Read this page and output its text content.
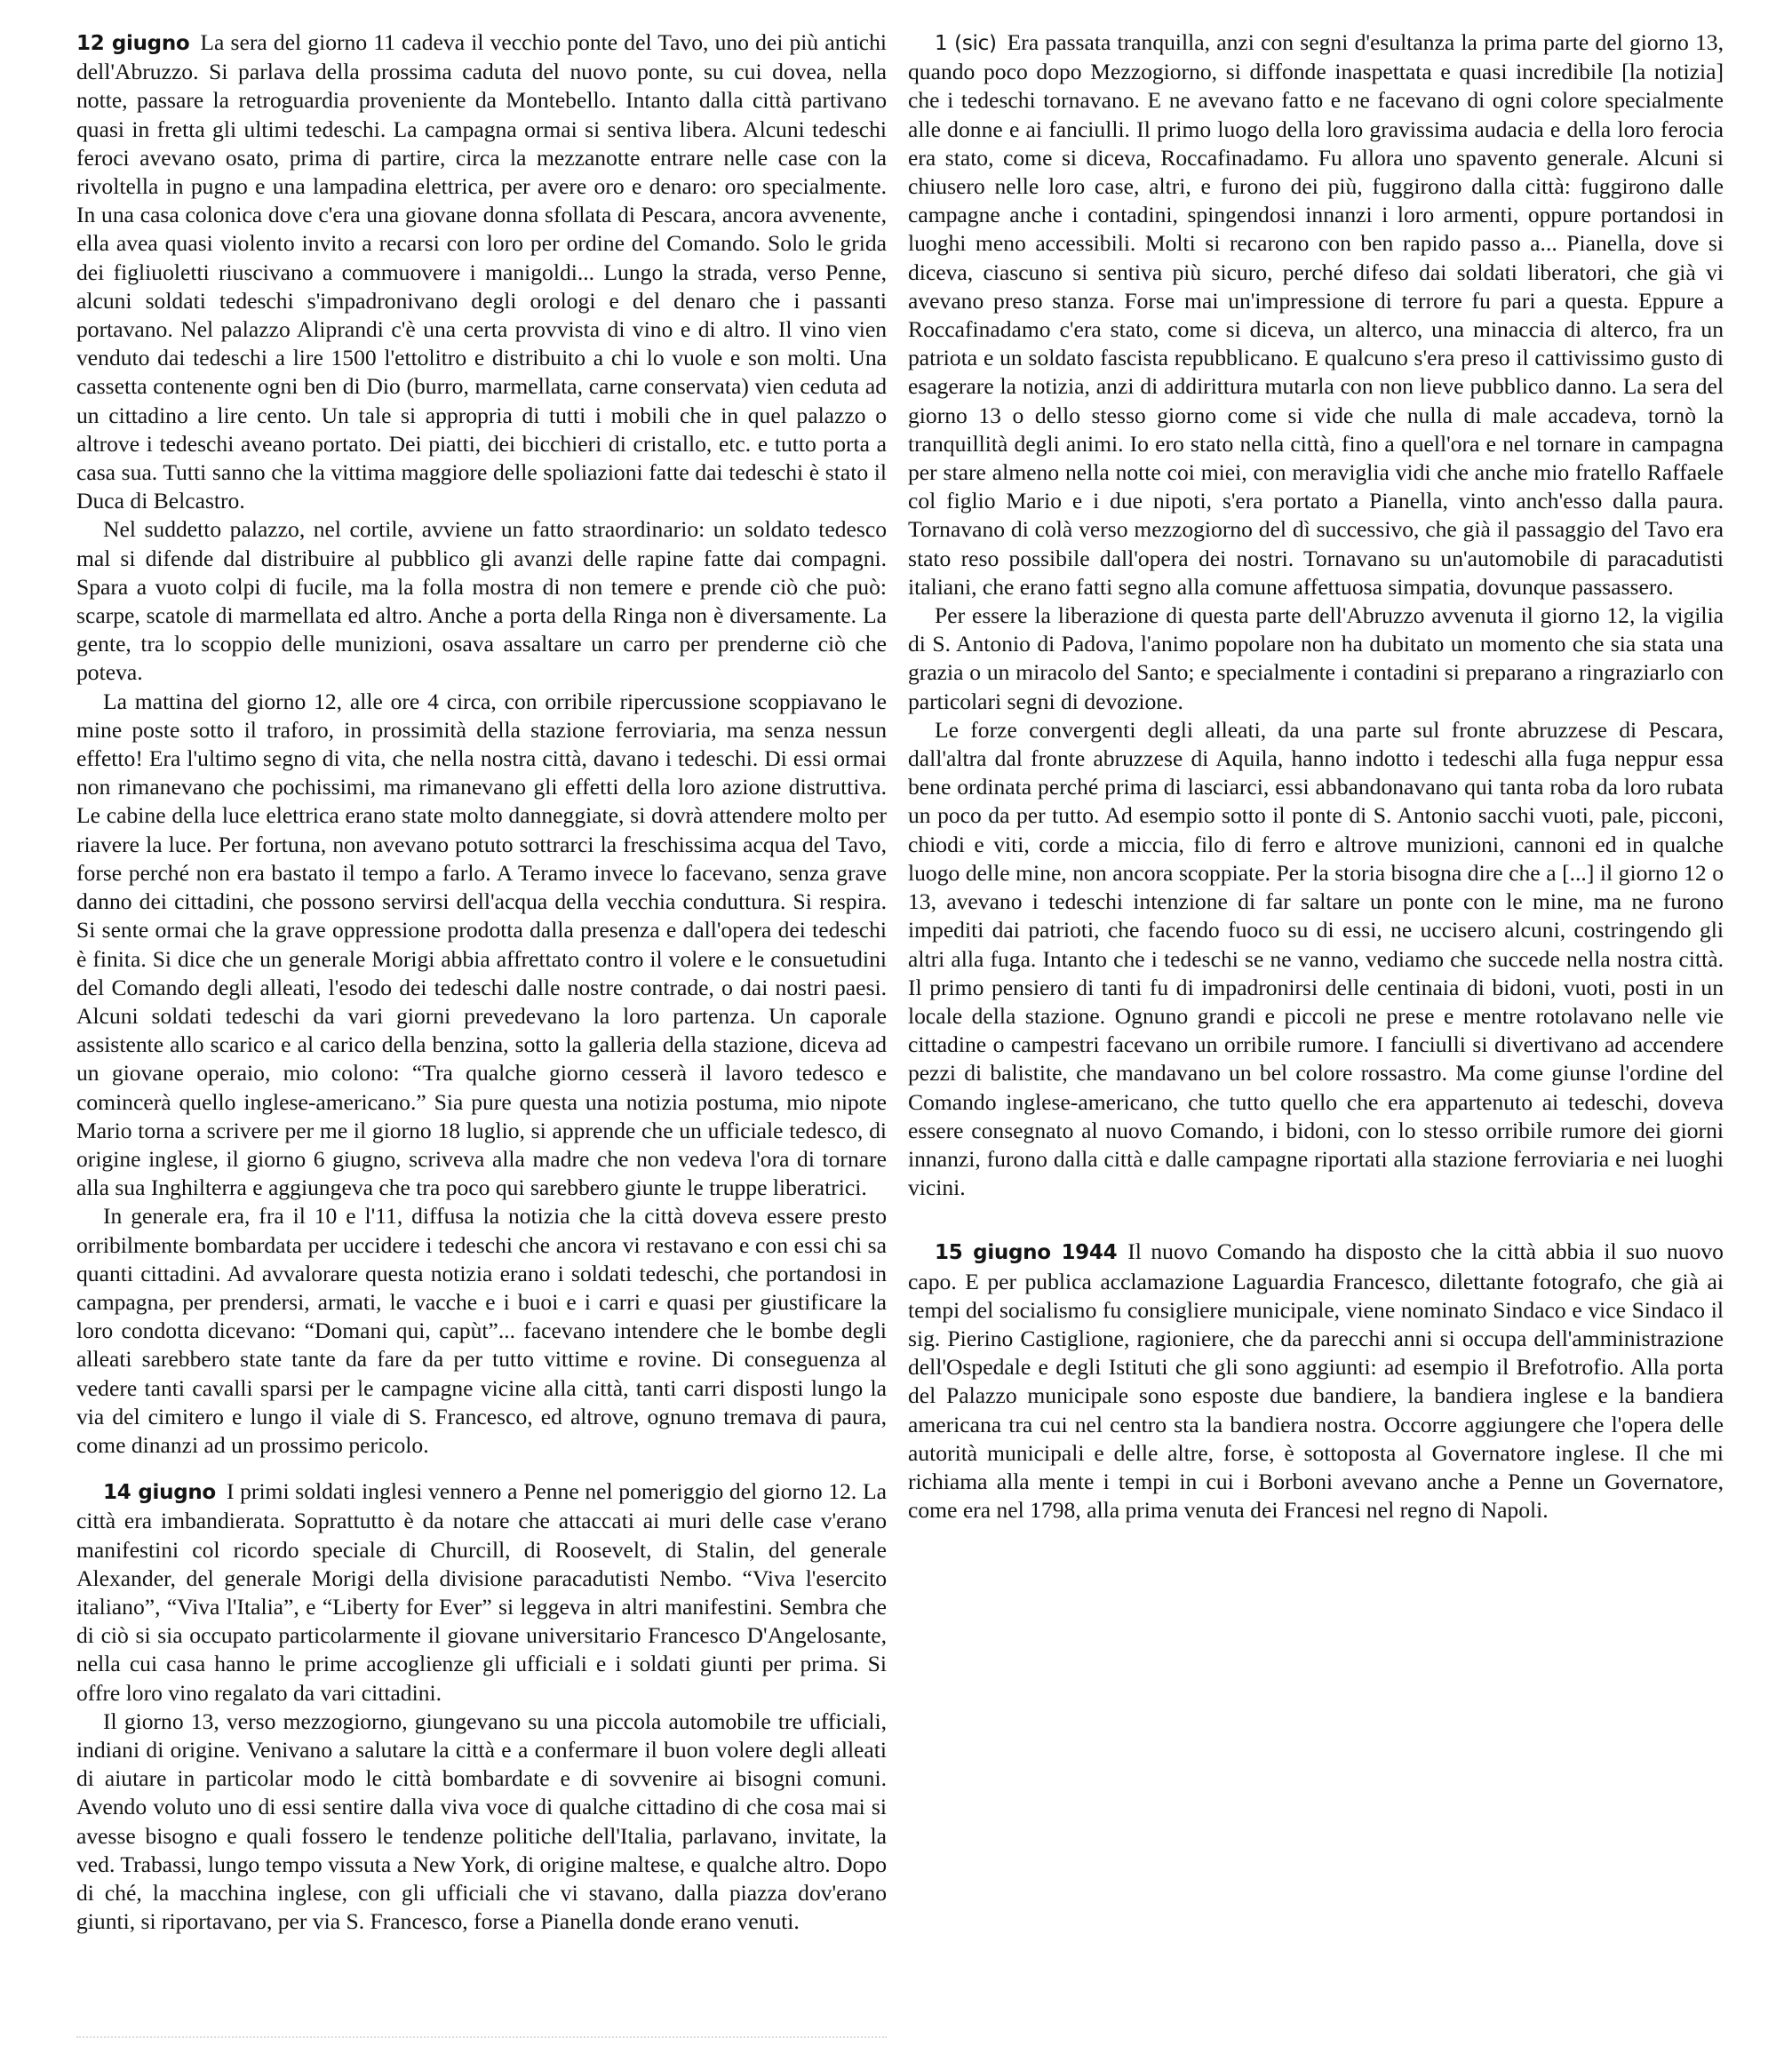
12 giugno La sera del giorno 11 cadeva il vecchio ponte del Tavo, uno dei più antichi dell'Abruzzo. Si parlava della prossima caduta del nuovo ponte, su cui dovea, nella notte, passare la retroguardia proveniente da Montebello. Intanto dalla città partivano quasi in fretta gli ultimi tedeschi. La campagna ormai si sentiva libera. Alcuni tedeschi feroci avevano osato, prima di partire, circa la mezzanotte entrare nelle case con la rivoltella in pugno e una lampadina elettrica, per avere oro e denaro: oro specialmente. In una casa colonica dove c'era una giovane donna sfollata di Pescara, ancora avvenente, ella avea quasi violento invito a recarsi con loro per ordine del Comando. Solo le grida dei figliuoletti riuscivano a commuovere i manigoldi... Lungo la strada, verso Penne, alcuni soldati tedeschi s'impadronivano degli orologi e del denaro che i passanti portavano. Nel palazzo Aliprandi c'è una certa provvista di vino e di altro. Il vino vien venduto dai tedeschi a lire 1500 l'ettolitro e distribuito a chi lo vuole e son molti. Una cassetta contenente ogni ben di Dio (burro, marmellata, carne conservata) vien ceduta ad un cittadino a lire cento. Un tale si appropria di tutti i mobili che in quel palazzo o altrove i tedeschi aveano portato. Dei piatti, dei bicchieri di cristallo, etc. e tutto porta a casa sua. Tutti sanno che la vittima maggiore delle spoliazioni fatte dai tedeschi è stato il Duca di Belcastro.

Nel suddetto palazzo, nel cortile, avviene un fatto straordinario: un soldato tedesco mal si difende dal distribuire al pubblico gli avanzi delle rapine fatte dai compagni. Spara a vuoto colpi di fucile, ma la folla mostra di non temere e prende ciò che può: scarpe, scatole di marmellata ed altro. Anche a porta della Ringa non è diversamente. La gente, tra lo scoppio delle munizioni, osava assaltare un carro per prenderne ciò che poteva.

La mattina del giorno 12, alle ore 4 circa, con orribile ripercussione scoppiavano le mine poste sotto il traforo, in prossimità della stazione ferroviaria, ma senza nessun effetto! Era l'ultimo segno di vita, che nella nostra città, davano i tedeschi. Di essi ormai non rimanevano che pochissimi, ma rimanevano gli effetti della loro azione distruttiva. Le cabine della luce elettrica erano state molto danneggiate, si dovrà attendere molto per riavere la luce. Per fortuna, non avevano potuto sottrarci la freschissima acqua del Tavo, forse perché non era bastato il tempo a farlo. A Teramo invece lo facevano, senza grave danno dei cittadini, che possono servirsi dell'acqua della vecchia conduttura. Si respira. Si sente ormai che la grave oppressione prodotta dalla presenza e dall'opera dei tedeschi è finita. Si dice che un generale Morigi abbia affrettato contro il volere e le consuetudini del Comando degli alleati, l'esodo dei tedeschi dalle nostre contrade, o dai nostri paesi. Alcuni soldati tedeschi da vari giorni prevedevano la loro partenza. Un caporale assistente allo scarico e al carico della benzina, sotto la galleria della stazione, diceva ad un giovane operaio, mio colono: “Tra qualche giorno cesserà il lavoro tedesco e comincerà quello inglese-americano.” Sia pure questa una notizia postuma, mio nipote Mario torna a scrivere per me il giorno 18 luglio, si apprende che un ufficiale tedesco, di origine inglese, il giorno 6 giugno, scriveva alla madre che non vedeva l'ora di tornare alla sua Inghilterra e aggiungeva che tra poco qui sarebbero giunte le truppe liberatrici.

In generale era, fra il 10 e l'11, diffusa la notizia che la città doveva essere presto orribilmente bombardata per uccidere i tedeschi che ancora vi restavano e con essi chi sa quanti cittadini. Ad avvalorare questa notizia erano i soldati tedeschi, che portandosi in campagna, per prendersi, armati, le vacche e i buoi e i carri e quasi per giustificare la loro condotta dicevano: “Domani qui, capùt”... facevano intendere che le bombe degli alleati sarebbero state tante da fare da per tutto vittime e rovine. Di conseguenza al vedere tanti cavalli sparsi per le campagne vicine alla città, tanti carri disposti lungo la via del cimitero e lungo il viale di S. Francesco, ed altrove, ognuno tremava di paura, come dinanzi ad un prossimo pericolo.

14 giugno I primi soldati inglesi vennero a Penne nel pomeriggio del giorno 12. La città era imbandierata. Soprattutto è da notare che attaccati ai muri delle case v'erano manifestini col ricordo speciale di Churcill, di Roosevelt, di Stalin, del generale Alexander, del generale Morigi della divisione paracadutisti Nembo. “Viva l'esercito italiano”, “Viva l'Italia”, e “Liberty for Ever” si leggeva in altri manifestini. Sembra che di ciò si sia occupato particolarmente il giovane universitario Francesco D'Angelosante, nella cui casa hanno le prime accoglienze gli ufficiali e i soldati giunti per prima. Si offre loro vino regalato da vari cittadini.

Il giorno 13, verso mezzogiorno, giungevano su una piccola automobile tre ufficiali, indiani di origine. Venivano a salutare la città e a confermare il buon volere degli alleati di aiutare in particolar modo le città bombardate e di sovvenire ai bisogni comuni. Avendo voluto uno di essi sentire dalla viva voce di qualche cittadino di che cosa mai si avesse bisogno e quali fossero le tendenze politiche dell'Italia, parlavano, invitate, la ved. Trabassi, lungo tempo vissuta a New York, di origine maltese, e qualche altro. Dopo di ché, la macchina inglese, con gli ufficiali che vi stavano, dalla piazza dov'erano giunti, si riportavano, per via S. Francesco, forse a Pianella donde erano venuti.

1 (sic) Era passata tranquilla, anzi con segni d'esultanza la prima parte del giorno 13, quando poco dopo Mezzogiorno, si diffonde inaspettata e quasi incredibile [la notizia] che i tedeschi tornavano. E ne avevano fatto e ne facevano di ogni colore specialmente alle donne e ai fanciulli. Il primo luogo della loro gravissima audacia e della loro ferocia era stato, come si diceva, Roccafinadamo. Fu allora uno spavento generale. Alcuni si chiusero nelle loro case, altri, e furono dei più, fuggirono dalla città: fuggirono dalle campagne anche i contadini, spingendosi innanzi i loro armenti, oppure portandosi in luoghi meno accessibili. Molti si recarono con ben rapido passo a... Pianella, dove si diceva, ciascuno si sentiva più sicuro, perché difeso dai soldati liberatori, che già vi avevano preso stanza. Forse mai un'impressione di terrore fu pari a questa. Eppure a Roccafinadamo c'era stato, come si diceva, un alterco, una minaccia di alterco, fra un patriota e un soldato fascista repubblicano. E qualcuno s'era preso il cattivissimo gusto di esagerare la notizia, anzi di addirittura mutarla con non lieve pubblico danno. La sera del giorno 13 o dello stesso giorno come si vide che nulla di male accadeva, tornò la tranquillità degli animi. Io ero stato nella città, fino a quell'ora e nel tornare in campagna per stare almeno nella notte coi miei, con meraviglia vidi che anche mio fratello Raffaele col figlio Mario e i due nipoti, s'era portato a Pianella, vinto anch'esso dalla paura. Tornavano di colà verso mezzogiorno del dì successivo, che già il passaggio del Tavo era stato reso possibile dall'opera dei nostri. Tornavano su un'automobile di paracadutisti italiani, che erano fatti segno alla comune affettuosa simpatia, dovunque passassero.

Per essere la liberazione di questa parte dell'Abruzzo avvenuta il giorno 12, la vigilia di S. Antonio di Padova, l'animo popolare non ha dubitato un momento che sia stata una grazia o un miracolo del Santo; e specialmente i contadini si preparano a ringraziarlo con particolari segni di devozione.

Le forze convergenti degli alleati, da una parte sul fronte abruzzese di Pescara, dall'altra dal fronte abruzzese di Aquila, hanno indotto i tedeschi alla fuga neppur essa bene ordinata perché prima di lasciarci, essi abbandonavano qui tanta roba da loro rubata un poco da per tutto. Ad esempio sotto il ponte di S. Antonio sacchi vuoti, pale, picconi, chiodi e viti, corde a miccia, filo di ferro e altrove munizioni, cannoni ed in qualche luogo delle mine, non ancora scoppiate. Per la storia bisogna dire che a [...] il giorno 12 o 13, avevano i tedeschi intenzione di far saltare un ponte con le mine, ma ne furono impediti dai patrioti, che facendo fuoco su di essi, ne uccisero alcuni, costringendo gli altri alla fuga. Intanto che i tedeschi se ne vanno, vediamo che succede nella nostra città. Il primo pensiero di tanti fu di impadronirsi delle centinaia di bidoni, vuoti, posti in un locale della stazione. Ognuno grandi e piccoli ne prese e mentre rotolavano nelle vie cittadine o campestri facevano un orribile rumore. I fanciulli si divertivano ad accendere pezzi di balistite, che mandavano un bel colore rossastro. Ma come giunse l'ordine del Comando inglese-americano, che tutto quello che era appartenuto ai tedeschi, doveva essere consegnato al nuovo Comando, i bidoni, con lo stesso orribile rumore dei giorni innanzi, furono dalla città e dalle campagne riportati alla stazione ferroviaria e nei luoghi vicini.

15 giugno 1944 Il nuovo Comando ha disposto che la città abbia il suo nuovo capo. E per publica acclamazione Laguardia Francesco, dilettante fotografo, che già ai tempi del socialismo fu consigliere municipale, viene nominato Sindaco e vice Sindaco il sig. Pierino Castiglione, ragioniere, che da parecchi anni si occupa dell'amministrazione dell'Ospedale e degli Istituti che gli sono aggiunti: ad esempio il Brefotrofio. Alla porta del Palazzo municipale sono esposte due bandiere, la bandiera inglese e la bandiera americana tra cui nel centro sta la bandiera nostra. Occorre aggiungere che l'opera delle autorità municipali e delle altre, forse, è sottoposta al Governatore inglese. Il che mi richiama alla mente i tempi in cui i Borboni avevano anche a Penne un Governatore, come era nel 1798, alla prima venuta dei Francesi nel regno di Napoli.
